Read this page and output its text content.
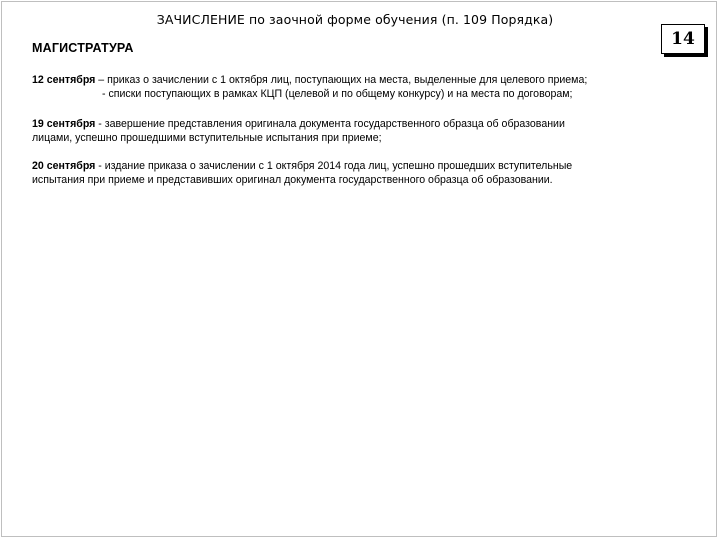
ЗАЧИСЛЕНИЕ по заочной форме обучения (п. 109 Порядка)
14
МАГИСТРАТУРА
12 сентября – приказ о зачислении с 1 октября лиц, поступающих на места, выделенные для целевого приема;
- списки поступающих в рамках КЦП (целевой и по общему конкурсу) и на места по договорам;
19 сентября - завершение представления оригинала документа государственного образца об образовании
лицами, успешно прошедшими вступительные испытания при приеме;
20 сентября - издание приказа о зачислении с 1 октября 2014 года лиц, успешно прошедших вступительные
испытания при приеме и представивших оригинал документа государственного образца об образовании.
